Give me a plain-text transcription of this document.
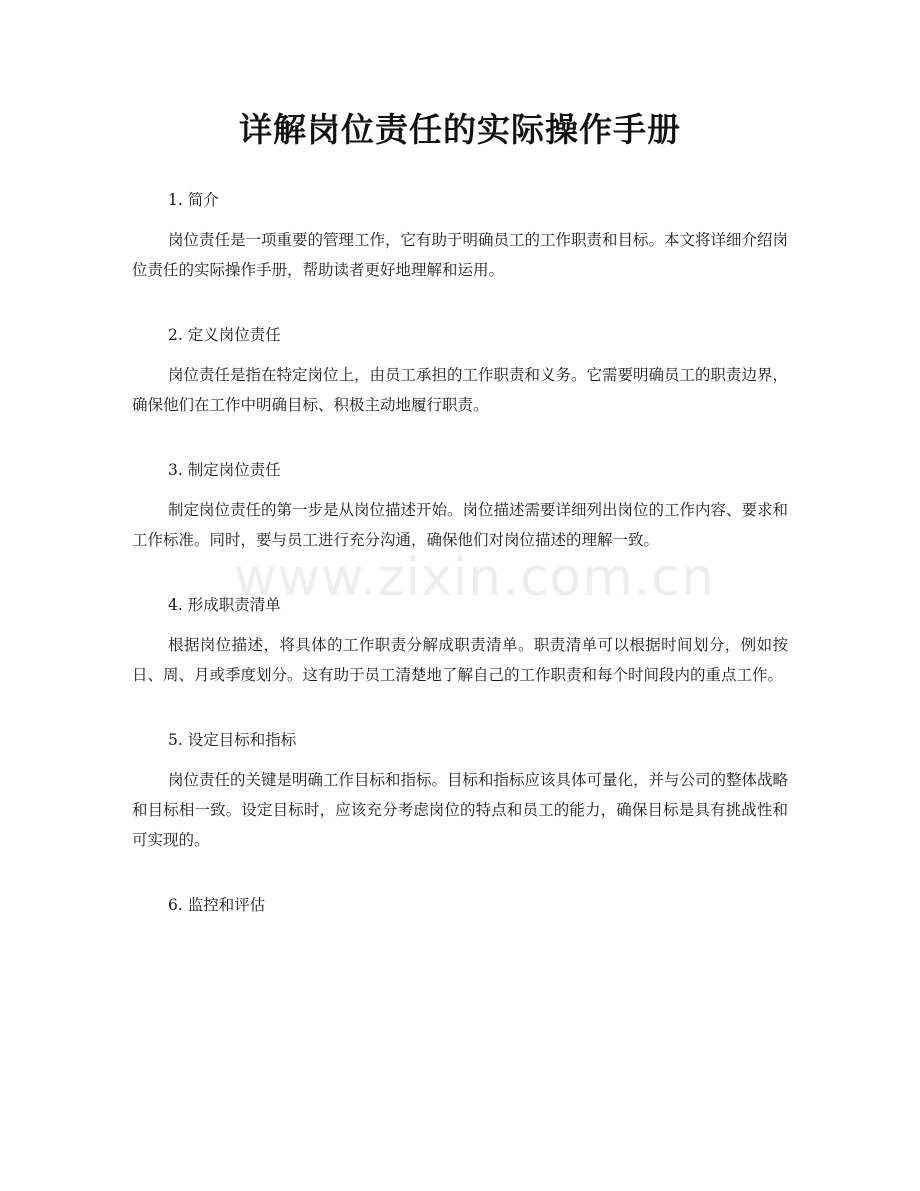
详解岗位责任的实际操作手册

1. 简介

岗位责任是一项重要的管理工作，它有助于明确员工的工作职责和目标。本文将详细介绍岗位责任的实际操作手册，帮助读者更好地理解和运用。

2. 定义岗位责任

岗位责任是指在特定岗位上，由员工承担的工作职责和义务。它需要明确员工的职责边界，确保他们在工作中明确目标、积极主动地履行职责。

3. 制定岗位责任

制定岗位责任的第一步是从岗位描述开始。岗位描述需要详细列出岗位的工作内容、要求和工作标准。同时，要与员工进行充分沟通，确保他们对岗位描述的理解一致。

4. 形成职责清单

根据岗位描述，将具体的工作职责分解成职责清单。职责清单可以根据时间划分，例如按日、周、月或季度划分。这有助于员工清楚地了解自己的工作职责和每个时间段内的重点工作。

5. 设定目标和指标

岗位责任的关键是明确工作目标和指标。目标和指标应该具体可量化，并与公司的整体战略和目标相一致。设定目标时，应该充分考虑岗位的特点和员工的能力，确保目标是具有挑战性和可实现的。

6. 监控和评估

www.zixin.com.cn
